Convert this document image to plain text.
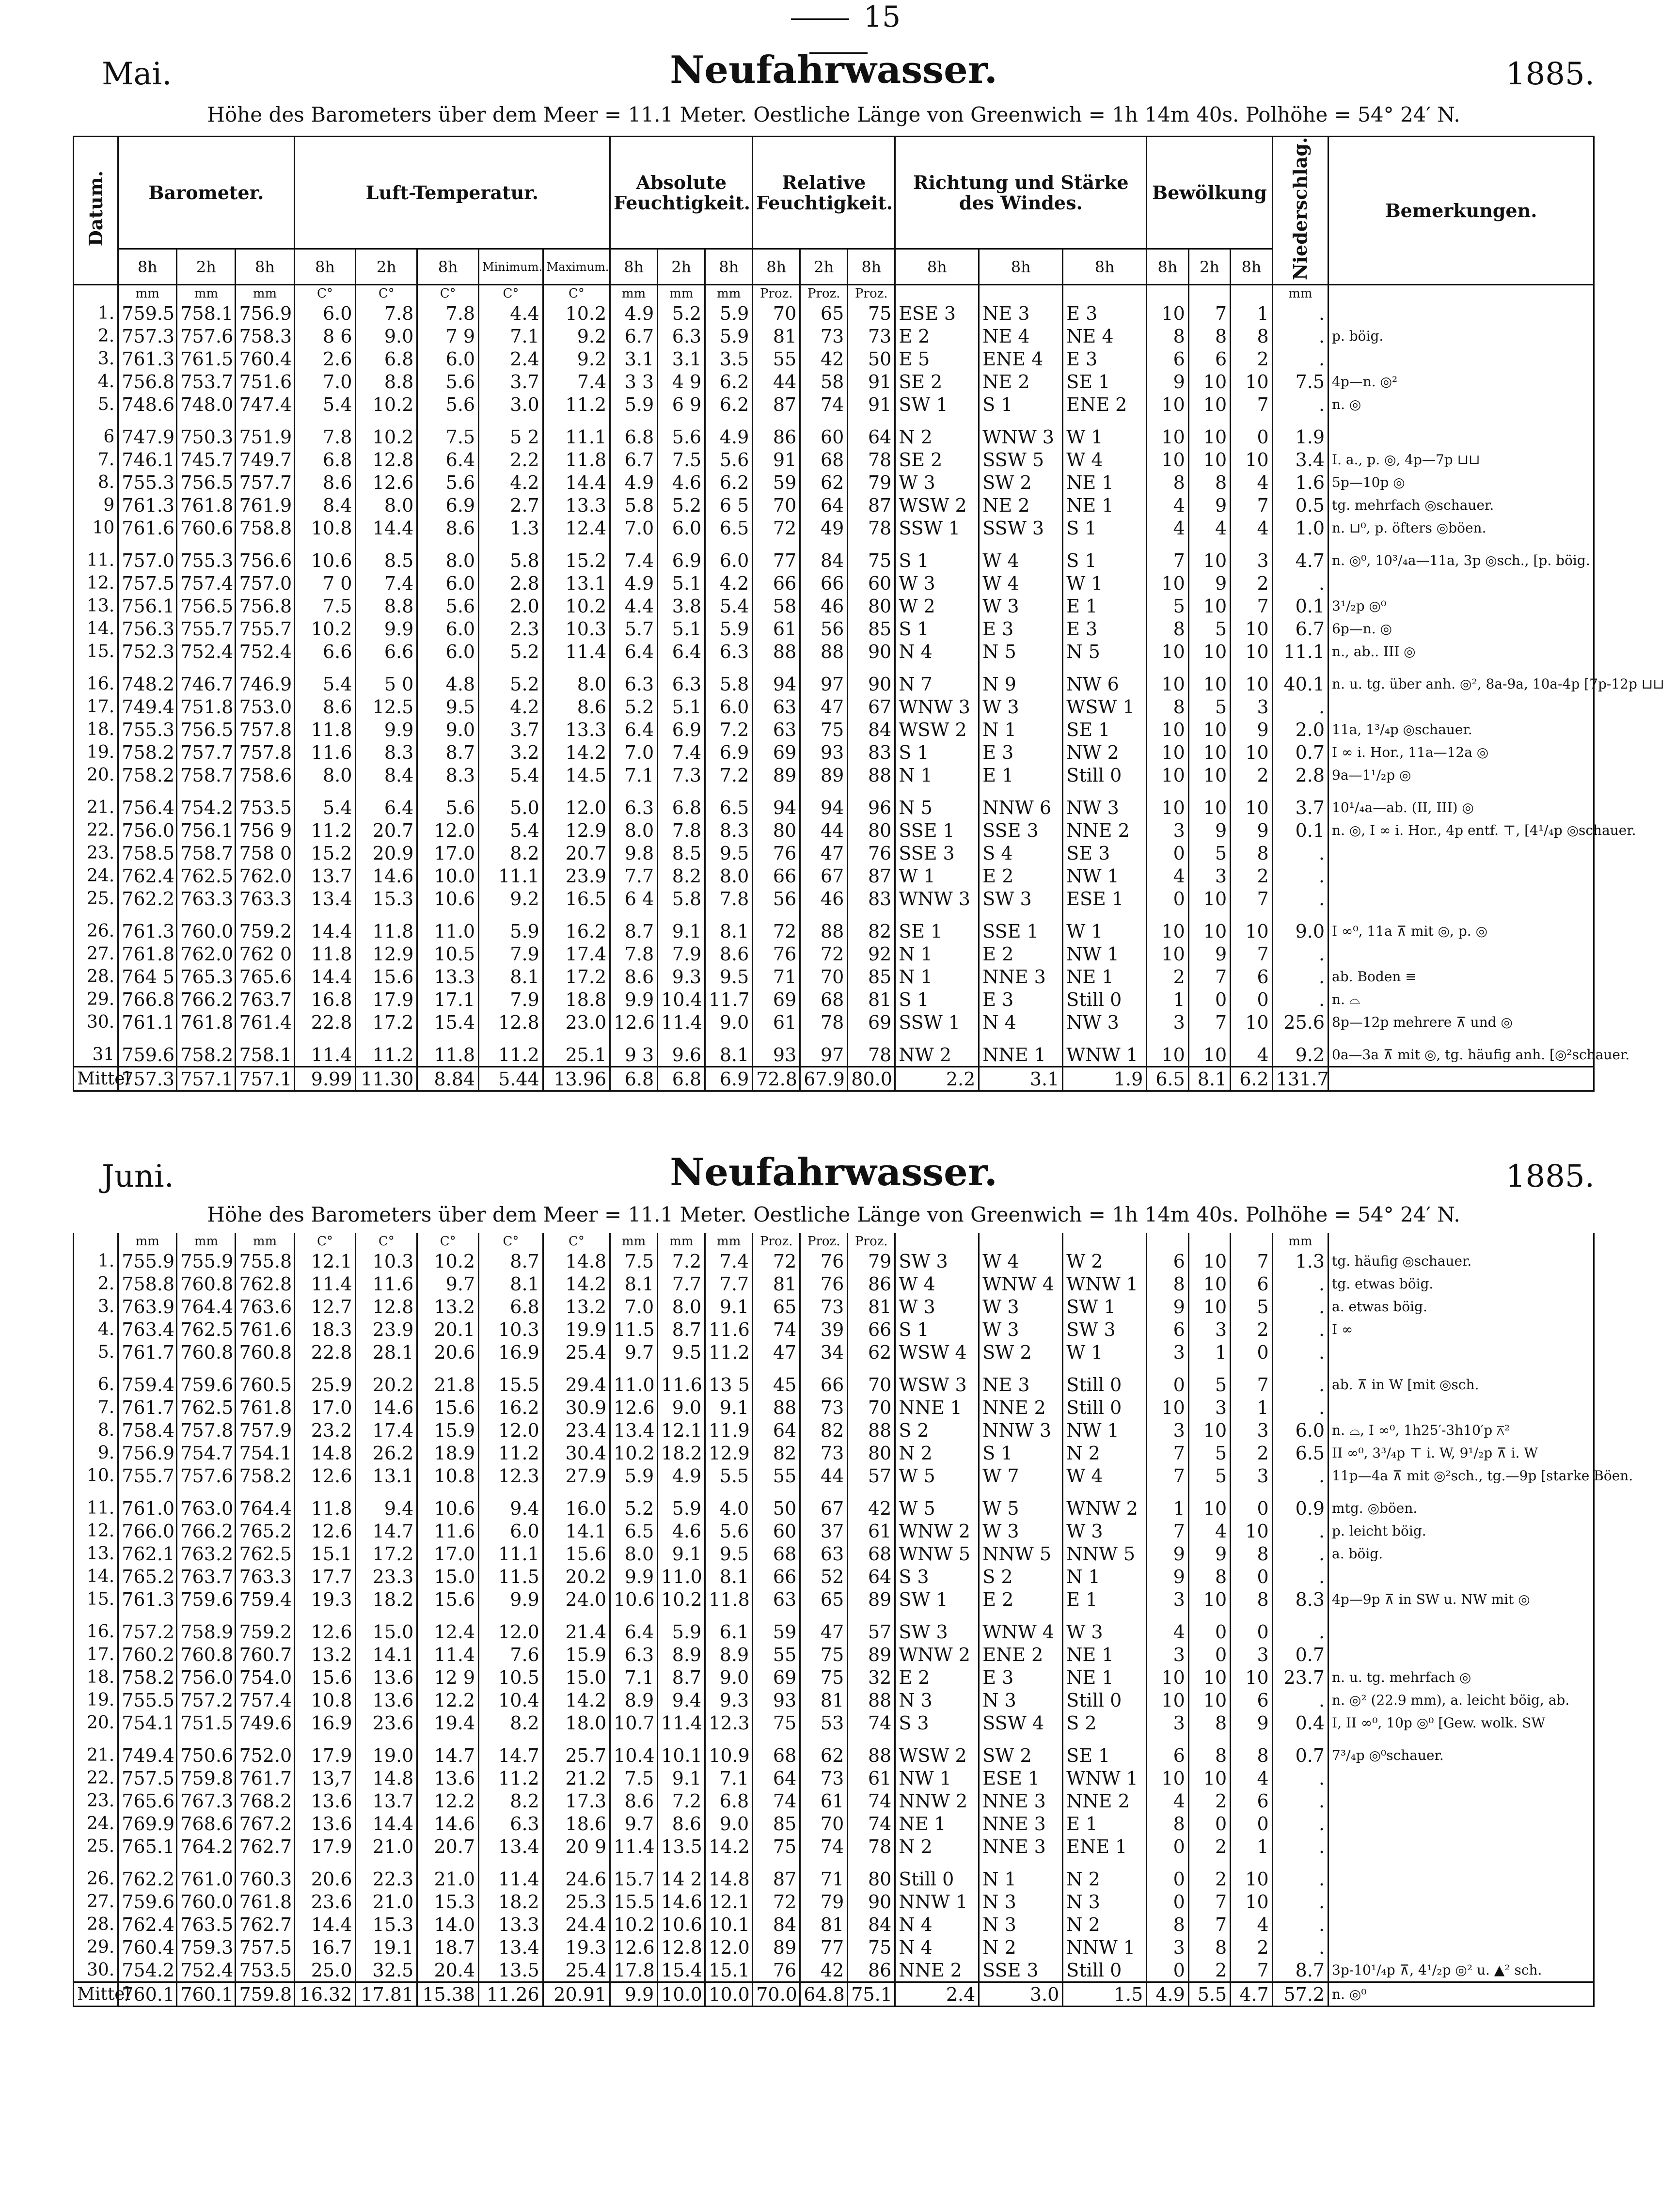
15
Mai.	Neufahrwasser.	1885.
Höhe des Barometers über dem Meer = 11.1 Meter. Oestliche Länge von Greenwich = 1h 14m 40s. Polhöhe = 54° 24′ N.
Datum.	Barometer.			Luft-Temperatur.					Absolute Feuchtigkeit.			Relative Feuchtigkeit.			Richtung und Stärke des Windes.			Bewölkung			Niederschlag.	Bemerkungen.
	8h	2h	8h	8h	2h	8h	Minimum.	Maximum.	8h	2h	8h	8h	2h	8h	8h	8h	8h	8h	2h	8h		
	mm	mm	mm	C°	C°	C°	C°	C°	mm	mm	mm	Proz.	Proz.	Proz.							mm	
1.	759.5	758.1	756.9	6.0	7.8	7.8	4.4	10.2	4.9	5.2	5.9	70	65	75	ESE 3	NE 3	E 3	10	7	1	.	
2.	757.3	757.6	758.3	8 6	9.0	7 9	7.1	9.2	6.7	6.3	5.9	81	73	73	E 2	NE 4	NE 4	8	8	8	.	p. böig.
3.	761.3	761.5	760.4	2.6	6.8	6.0	2.4	9.2	3.1	3.1	3.5	55	42	50	E 5	ENE 4	E 3	6	6	2	.	
4.	756.8	753.7	751.6	7.0	8.8	5.6	3.7	7.4	3 3	4 9	6.2	44	58	91	SE 2	NE 2	SE 1	9	10	10	7.5	4p—n. ◎²
5.	748.6	748.0	747.4	5.4	10.2	5.6	3.0	11.2	5.9	6 9	6.2	87	74	91	SW 1	S 1	ENE 2	10	10	7	.	n. ◎
6	747.9	750.3	751.9	7.8	10.2	7.5	5 2	11.1	6.8	5.6	4.9	86	60	64	N 2	WNW 3	W 1	10	10	0	1.9	
7.	746.1	745.7	749.7	6.8	12.8	6.4	2.2	11.8	6.7	7.5	5.6	91	68	78	SE 2	SSW 5	W 4	10	10	10	3.4	I. a., p. ◎, 4p—7p ⊔⊔
8.	755.3	756.5	757.7	8.6	12.6	5.6	4.2	14.4	4.9	4.6	6.2	59	62	79	W 3	SW 2	NE 1	8	8	4	1.6	5p—10p ◎
9	761.3	761.8	761.9	8.4	8.0	6.9	2.7	13.3	5.8	5.2	6 5	70	64	87	WSW 2	NE 2	NE 1	4	9	7	0.5	tg. mehrfach ◎schauer.
10	761.6	760.6	758.8	10.8	14.4	8.6	1.3	12.4	7.0	6.0	6.5	72	49	78	SSW 1	SSW 3	S 1	4	4	4	1.0	n. ⊔⁰, p. öfters ◎böen.
11.	757.0	755.3	756.6	10.6	8.5	8.0	5.8	15.2	7.4	6.9	6.0	77	84	75	S 1	W 4	S 1	7	10	3	4.7	n. ◎⁰, 10³/₄a—11a, 3p ◎sch., [p. böig.
12.	757.5	757.4	757.0	7 0	7.4	6.0	2.8	13.1	4.9	5.1	4.2	66	66	60	W 3	W 4	W 1	10	9	2	.	
13.	756.1	756.5	756.8	7.5	8.8	5.6	2.0	10.2	4.4	3.8	5.4	58	46	80	W 2	W 3	E 1	5	10	7	0.1	3¹/₂p ◎⁰
14.	756.3	755.7	755.7	10.2	9.9	6.0	2.3	10.3	5.7	5.1	5.9	61	56	85	S 1	E 3	E 3	8	5	10	6.7	6p—n. ◎
15.	752.3	752.4	752.4	6.6	6.6	6.0	5.2	11.4	6.4	6.4	6.3	88	88	90	N 4	N 5	N 5	10	10	10	11.1	n., ab.. III ◎
16.	748.2	746.7	746.9	5.4	5 0	4.8	5.2	8.0	6.3	6.3	5.8	94	97	90	N 7	N 9	NW 6	10	10	10	40.1	n. u. tg. über anh. ◎², 8a-9a, 10a-4p [7p-12p ⊔⊔
17.	749.4	751.8	753.0	8.6	12.5	9.5	4.2	8.6	5.2	5.1	6.0	63	47	67	WNW 3	W 3	WSW 1	8	5	3	.	
18.	755.3	756.5	757.8	11.8	9.9	9.0	3.7	13.3	6.4	6.9	7.2	63	75	84	WSW 2	N 1	SE 1	10	10	9	2.0	11a, 1³/₄p ◎schauer.
19.	758.2	757.7	757.8	11.6	8.3	8.7	3.2	14.2	7.0	7.4	6.9	69	93	83	S 1	E 3	NW 2	10	10	10	0.7	I ∞ i. Hor., 11a—12a ◎
20.	758.2	758.7	758.6	8.0	8.4	8.3	5.4	14.5	7.1	7.3	7.2	89	89	88	N 1	E 1	Still 0	10	10	2	2.8	9a—1¹/₂p ◎
21.	756.4	754.2	753.5	5.4	6.4	5.6	5.0	12.0	6.3	6.8	6.5	94	94	96	N 5	NNW 6	NW 3	10	10	10	3.7	10¹/₄a—ab. (II, III) ◎
22.	756.0	756.1	756 9	11.2	20.7	12.0	5.4	12.9	8.0	7.8	8.3	80	44	80	SSE 1	SSE 3	NNE 2	3	9	9	0.1	n. ◎, I ∞ i. Hor., 4p entf. ⊤, [4¹/₄p ◎schauer.
23.	758.5	758.7	758 0	15.2	20.9	17.0	8.2	20.7	9.8	8.5	9.5	76	47	76	SSE 3	S 4	SE 3	0	5	8	.	
24.	762.4	762.5	762.0	13.7	14.6	10.0	11.1	23.9	7.7	8.2	8.0	66	67	87	W 1	E 2	NW 1	4	3	2	.	
25.	762.2	763.3	763.3	13.4	15.3	10.6	9.2	16.5	6 4	5.8	7.8	56	46	83	WNW 3	SW 3	ESE 1	0	10	7	.	
26.	761.3	760.0	759.2	14.4	11.8	11.0	5.9	16.2	8.7	9.1	8.1	72	88	82	SE 1	SSE 1	W 1	10	10	10	9.0	I ∞⁰, 11a ⊼ mit ◎, p. ◎
27.	761.8	762.0	762 0	11.8	12.9	10.5	7.9	17.4	7.8	7.9	8.6	76	72	92	N 1	E 2	NW 1	10	9	7	.	
28.	764 5	765.3	765.6	14.4	15.6	13.3	8.1	17.2	8.6	9.3	9.5	71	70	85	N 1	NNE 3	NE 1	2	7	6	.	ab. Boden ≡
29.	766.8	766.2	763.7	16.8	17.9	17.1	7.9	18.8	9.9	10.4	11.7	69	68	81	S 1	E 3	Still 0	1	0	0	.	n. ⌓
30.	761.1	761.8	761.4	22.8	17.2	15.4	12.8	23.0	12.6	11.4	9.0	61	78	69	SSW 1	N 4	NW 3	3	7	10	25.6	8p—12p mehrere ⊼ und ◎
31	759.6	758.2	758.1	11.4	11.2	11.8	11.2	25.1	9 3	9.6	8.1	93	97	78	NW 2	NNE 1	WNW 1	10	10	4	9.2	0a—3a ⊼ mit ◎, tg. häufig anh. [◎²schauer.
Mittel	757.3	757.1	757.1	9.99	11.30	8.84	5.44	13.96	6.8	6.8	6.9	72.8	67.9	80.0	2.2	3.1	1.9	6.5	8.1	6.2	131.7	
Juni.	Neufahrwasser.	1885.
Höhe des Barometers über dem Meer = 11.1 Meter. Oestliche Länge von Greenwich = 1h 14m 40s. Polhöhe = 54° 24′ N.
	mm	mm	mm	C°	C°	C°	C°	C°	mm	mm	mm	Proz.	Proz.	Proz.							mm	
1.	755.9	755.9	755.8	12.1	10.3	10.2	8.7	14.8	7.5	7.2	7.4	72	76	79	SW 3	W 4	W 2	6	10	7	1.3	tg. häufig ◎schauer.
2.	758.8	760.8	762.8	11.4	11.6	9.7	8.1	14.2	8.1	7.7	7.7	81	76	86	W 4	WNW 4	WNW 1	8	10	6	.	tg. etwas böig.
3.	763.9	764.4	763.6	12.7	12.8	13.2	6.8	13.2	7.0	8.0	9.1	65	73	81	W 3	W 3	SW 1	9	10	5	.	a. etwas böig.
4.	763.4	762.5	761.6	18.3	23.9	20.1	10.3	19.9	11.5	8.7	11.6	74	39	66	S 1	W 3	SW 3	6	3	2	.	I ∞
5.	761.7	760.8	760.8	22.8	28.1	20.6	16.9	25.4	9.7	9.5	11.2	47	34	62	WSW 4	SW 2	W 1	3	1	0	.	
6.	759.4	759.6	760.5	25.9	20.2	21.8	15.5	29.4	11.0	11.6	13 5	45	66	70	WSW 3	NE 3	Still 0	0	5	7	.	ab. ⊼ in W [mit ◎sch.
7.	761.7	762.5	761.8	17.0	14.6	15.6	16.2	30.9	12.6	9.0	9.1	88	73	70	NNE 1	NNE 2	Still 0	10	3	1	.	
8.	758.4	757.8	757.9	23.2	17.4	15.9	12.0	23.4	13.4	12.1	11.9	64	82	88	S 2	NNW 3	NW 1	3	10	3	6.0	n. ⌓, I ∞⁰, 1h25′-3h10′p ⊼²
9.	756.9	754.7	754.1	14.8	26.2	18.9	11.2	30.4	10.2	18.2	12.9	82	73	80	N 2	S 1	N 2	7	5	2	6.5	II ∞⁰, 3³/₄p ⊤ i. W, 9¹/₂p ⊼ i. W
10.	755.7	757.6	758.2	12.6	13.1	10.8	12.3	27.9	5.9	4.9	5.5	55	44	57	W 5	W 7	W 4	7	5	3	.	11p—4a ⊼ mit ◎²sch., tg.—9p [starke Böen.
11.	761.0	763.0	764.4	11.8	9.4	10.6	9.4	16.0	5.2	5.9	4.0	50	67	42	W 5	W 5	WNW 2	1	10	0	0.9	mtg. ◎böen.
12.	766.0	766.2	765.2	12.6	14.7	11.6	6.0	14.1	6.5	4.6	5.6	60	37	61	WNW 2	W 3	W 3	7	4	10	.	p. leicht böig.
13.	762.1	763.2	762.5	15.1	17.2	17.0	11.1	15.6	8.0	9.1	9.5	68	63	68	WNW 5	NNW 5	NNW 5	9	9	8	.	a. böig.
14.	765.2	763.7	763.3	17.7	23.3	15.0	11.5	20.2	9.9	11.0	8.1	66	52	64	S 3	S 2	N 1	9	8	0	.	
15.	761.3	759.6	759.4	19.3	18.2	15.6	9.9	24.0	10.6	10.2	11.8	63	65	89	SW 1	E 2	E 1	3	10	8	8.3	4p—9p ⊼ in SW u. NW mit ◎
16.	757.2	758.9	759.2	12.6	15.0	12.4	12.0	21.4	6.4	5.9	6.1	59	47	57	SW 3	WNW 4	W 3	4	0	0	.	
17.	760.2	760.8	760.7	13.2	14.1	11.4	7.6	15.9	6.3	8.9	8.9	55	75	89	WNW 2	ENE 2	NE 1	3	0	3	0.7	
18.	758.2	756.0	754.0	15.6	13.6	12 9	10.5	15.0	7.1	8.7	9.0	69	75	32	E 2	E 3	NE 1	10	10	10	23.7	n. u. tg. mehrfach ◎
19.	755.5	757.2	757.4	10.8	13.6	12.2	10.4	14.2	8.9	9.4	9.3	93	81	88	N 3	N 3	Still 0	10	10	6	.	n. ◎² (22.9 mm), a. leicht böig, ab.
20.	754.1	751.5	749.6	16.9	23.6	19.4	8.2	18.0	10.7	11.4	12.3	75	53	74	S 3	SSW 4	S 2	3	8	9	0.4	I, II ∞⁰, 10p ◎⁰ [Gew. wolk. SW
21.	749.4	750.6	752.0	17.9	19.0	14.7	14.7	25.7	10.4	10.1	10.9	68	62	88	WSW 2	SW 2	SE 1	6	8	8	0.7	7³/₄p ◎⁰schauer.
22.	757.5	759.8	761.7	13,7	14.8	13.6	11.2	21.2	7.5	9.1	7.1	64	73	61	NW 1	ESE 1	WNW 1	10	10	4	.	
23.	765.6	767.3	768.2	13.6	13.7	12.2	8.2	17.3	8.6	7.2	6.8	74	61	74	NNW 2	NNE 3	NNE 2	4	2	6	.	
24.	769.9	768.6	767.2	13.6	14.4	14.6	6.3	18.6	9.7	8.6	9.0	85	70	74	NE 1	NNE 3	E 1	8	0	0	.	
25.	765.1	764.2	762.7	17.9	21.0	20.7	13.4	20 9	11.4	13.5	14.2	75	74	78	N 2	NNE 3	ENE 1	0	2	1	.	
26.	762.2	761.0	760.3	20.6	22.3	21.0	11.4	24.6	15.7	14 2	14.8	87	71	80	Still 0	N 1	N 2	0	2	10	.	
27.	759.6	760.0	761.8	23.6	21.0	15.3	18.2	25.3	15.5	14.6	12.1	72	79	90	NNW 1	N 3	N 3	0	7	10	.	
28.	762.4	763.5	762.7	14.4	15.3	14.0	13.3	24.4	10.2	10.6	10.1	84	81	84	N 4	N 3	N 2	8	7	4	.	
29.	760.4	759.3	757.5	16.7	19.1	18.7	13.4	19.3	12.6	12.8	12.0	89	77	75	N 4	N 2	NNW 1	3	8	2	.	
30.	754.2	752.4	753.5	25.0	32.5	20.4	13.5	25.4	17.8	15.4	15.1	76	42	86	NNE 2	SSE 3	Still 0	0	2	7	8.7	3p-10¹/₄p ⊼, 4¹/₂p ◎² u. ▲² sch.
Mittel	760.1	760.1	759.8	16.32	17.81	15.38	11.26	20.91	9.9	10.0	10.0	70.0	64.8	75.1	2.4	3.0	1.5	4.9	5.5	4.7	57.2	n. ◎⁰
